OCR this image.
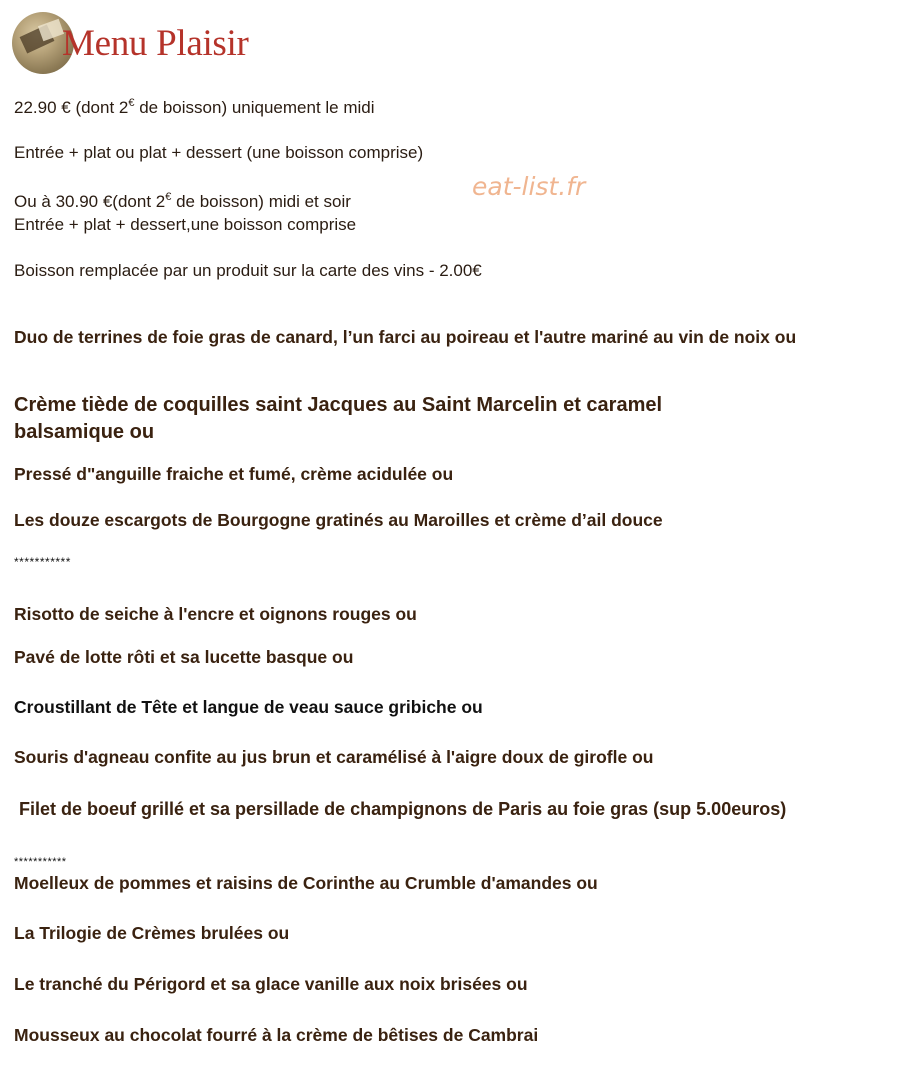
Menu Plaisir
eat-list.fr
22.90 € (dont 2€ de boisson) uniquement le midi
Entrée + plat ou plat + dessert (une boisson comprise)
Ou à 30.90 €(dont 2€ de boisson) midi et soir
Entrée + plat + dessert,une boisson comprise
Boisson remplacée par un produit sur la carte des vins - 2.00€
Duo de terrines de foie gras de canard, l’un farci au poireau et l'autre mariné au vin de noix ou
Crème tiède de coquilles saint Jacques au Saint Marcelin et caramel balsamique ou
Pressé d"anguille fraiche et fumé, crème acidulée ou
Les douze escargots de Bourgogne gratinés au Maroilles et crème d’ail douce
***********
Risotto de seiche à l'encre et oignons rouges ou
Pavé de lotte rôti et sa lucette basque ou
Croustillant de Tête et langue de veau sauce gribiche ou
Souris d'agneau confite au jus brun et caramélisé à l'aigre doux de girofle ou
Filet de boeuf grillé et sa persillade de champignons de Paris au foie gras (sup 5.00euros)
***********
Moelleux de pommes et raisins de Corinthe au Crumble d'amandes ou
La Trilogie de Crèmes brulées ou
Le tranché du Périgord et sa glace vanille aux noix brisées ou
Mousseux au chocolat fourré à la crème de bêtises de Cambrai
